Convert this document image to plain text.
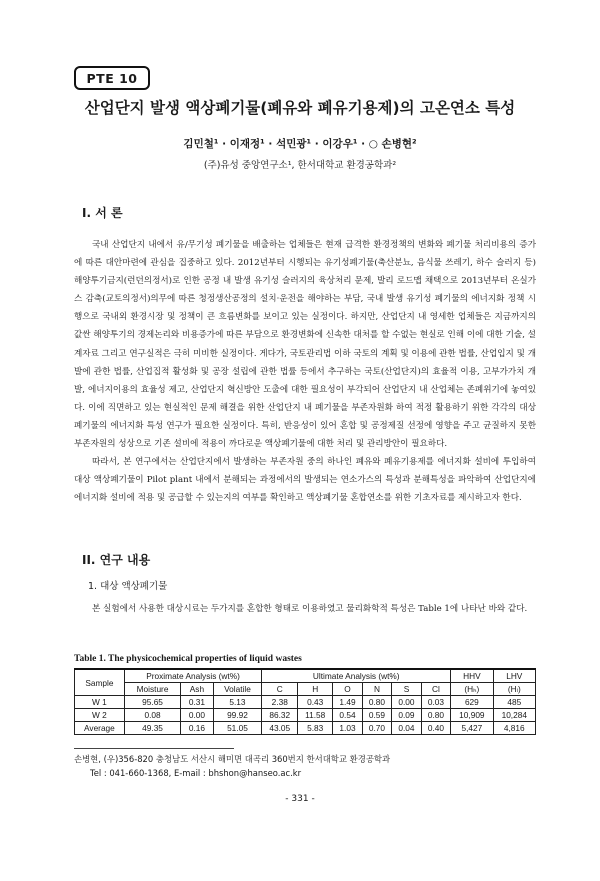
PTE 10
산업단지 발생 액상폐기물(폐유와 폐유기용제)의 고온연소 특성
김민철¹ · 이재정¹ · 석민광¹ · 이강우¹ · ○ 손병현²
(주)유성 중앙연구소¹, 한서대학교 환경공학과²
I. 서 론

국내 산업단지 내에서 유/무기성 폐기물을 배출하는 업체들은 현재 급격한 환경정책의 변화와 폐기물 처리비용의 증가에 따른 대안마련에 관심을 집중하고 있다. 2012년부터 시행되는 유기성폐기물(축산분뇨, 음식물 쓰레기, 하수 슬러지 등) 해양투기금지(런던의정서)로 인한 공정 내 발생 유기성 슬러지의 육상처리 문제, 발리 로드맵 채택으로 2013년부터 온실가스 감축(교토의정서)의무에 따른 청정생산공정의 설치·운전을 해야하는 부담, 국내 발생 유기성 폐기물의 에너지화 정책 시행으로 국내외 환경시장 및 정책이 큰 흐름변화를 보이고 있는 실정이다. 하지만, 산업단지 내 영세한 업체들은 지금까지의 값싼 해양투기의 경제논리와 비용증가에 따른 부담으로 환경변화에 신속한 대처를 할 수없는 현실로 인해 이에 대한 기술, 설계자료 그리고 연구실적은 극히 미비한 실정이다. 게다가, 국토관리법 이하 국토의 계획 및 이용에 관한 법률, 산업입지 및 개발에 관한 법률, 산업집적 활성화 및 공장 설립에 관한 법률 등에서 추구하는 국토(산업단지)의 효율적 이용, 고부가가치 개발, 에너지이용의 효율성 제고, 산업단지 혁신방안 도출에 대한 필요성이 부각되어 산업단지 내 산업체는 존폐위기에 놓여있다. 이에 직면하고 있는 현실적인 문제 해결을 위한 산업단지 내 폐기물을 부존자원화 하여 적정 활용하기 위한 각각의 대상폐기물의 에너지화 특성 연구가 필요한 실정이다. 특히, 반응성이 있어 혼합 및 공정제질 선정에 영향을 주고 균질하지 못한 부존자원의 성상으로 기존 설비에 적용이 까다로운 액상폐기물에 대한 처리 및 관리방안이 필요하다.

따라서, 본 연구에서는 산업단지에서 발생하는 부존자원 중의 하나인 폐유와 폐유기용제를 에너지화 설비에 투입하여 대상 액상폐기물이 Pilot plant 내에서 분해되는 과정에서의 발생되는 연소가스의 특성과 분해특성을 파악하여 산업단지에 에너지화 설비에 적용 및 공급할 수 있는지의 여부를 확인하고 액상폐기물 혼합연소를 위한 기초자료를 제시하고자 한다.

II. 연구 내용
1. 대상 액상폐기물

본 실험에서 사용한 대상시료는 두가지를 혼합한 형태로 이용하였고 물리화학적 특성은 Table 1에 나타난 바와 같다.

Table 1. The physicochemical properties of liquid wastes
Sample	Proximate Analysis (wt%)			Ultimate Analysis (wt%)						HHV	LHV
	Moisture	Ash	Volatile	C	H	O	N	S	Cl	(Hₕ)	(Hₗ)
W 1	95.65	0.31	5.13	2.38	0.43	1.49	0.80	0.00	0.03	629	485
W 2	0.08	0.00	99.92	86.32	11.58	0.54	0.59	0.09	0.80	10,909	10,284
Average	49.35	0.16	51.05	43.05	5.83	1.03	0.70	0.04	0.40	5,427	4,816
손병현, (우)356-820 충청남도 서산시 해미면 대곡리 360번지 한서대학교 환경공학과
Tel : 041-660-1368, E-mail : bhshon@hanseo.ac.kr
- 331 -
